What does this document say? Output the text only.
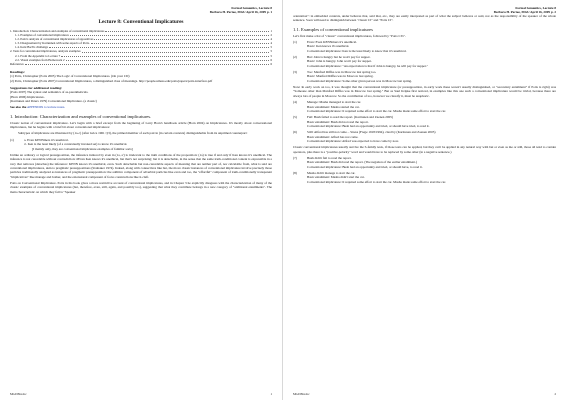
Formal Semantics, Lecture 8
Barbara H. Partee, MGU April 16, 2009 p. 1
Lecture 8: Conventional Implicatures
1. Introduction: Characterization and examples of conventional implicatures	1
1.1. Examples of conventional implicatures	2
1.2. Potts's analysis of conventional implicatures of appositives	4
1.3. Disagreement by Kartunnen with some aspects of Potts.	4
1.4. Kent Bach's challenge	5
2. Tests for conventional implicatures, analysis examples	5
2.1. From the Appendix to Lecture 7	5
2.2. Visual examples from Homework 2	6
References	6
Readings:
(1) Potts, Christopher (Potts 2005) The Logic of Conventional Implicatures. (On your CD)
(2) Potts, Christopher (Potts 2007) Conventional Implicatures, a distinguished class of meanings. http://people.umass.edu/potts/papers/potts-interface.pdf
Suggestions for additional reading:
(Potts 2007) The syntax and semantics of as-parentheticals.
(Horn 2006) Implicatures.
(Karttunen and Peters 1979) Conventional Implicature. (a classic)
See also the APPENDIX to lecture notes.
1. Introduction: Characterization and examples of conventional implicatures.

Classic notion of conventional implicature. Let's begin with a brief excerpt from the beginning of Larry Horn's handbook article (Horn 2004) on Implicatures. It's mostly about conversational implicatures, but he begins with a brief bit about conventional implicatures:

Subtypes of implicature are illustrated by (1a-c) (after Grice 1961: §3), the primed member of each pair in (in certain contexts) distinguishable from its unprimed counterpart:

(1)	a. Even KENNmers it's unethical.
a'. Ken is the least likely (of a contextually invoked set) to know it's unethical.
[I mainly only, they are conventional implicature examples of familiar sorts]

Unlike an ordinary or logical presupposition, the inference induced by even in (1a, a') is irrelevant to the truth conditions of the proposition: (1a) is true if and only if Ken knows it's unethical. The inference is not cancelable without contradiction: #Even Ken knows it's unethical, but that's not surprising; but it is detachable, in the sense that the same truth-conditional content is expressible in a very that removes (detaches) the inference: KENN knows it's unethical, even. Such detachable but non-cancelable aspects of meaning that are neither part of, nor calculable from, what is said are conventional implicatures, akin to pragmatic presuppositions (Stalnaker 1974). Indeed, along with connectives like but, the move classic instances of conventional implicature involve precisely those particles traditionally analyzed as instances of pragmatic presupposition: the additive component of adverbial particles like even and too, the "effortful" component of truth-conditionally transparent "implicatives" like manage and bother, and the extensional component of focus constructions like it-cleft.

Potts on Conventional Implicature. Potts in his book gives a more restrictive account of conventional implicatures, and in Chapter 3 he explicitly disagrees with the characterization of many of the classic examples of conventional implicatures (but, therefore, even, still, again, and possibly too), suggesting that what they contribute belongs in a new category of "additional entailments". The main characteristic on which they fail is "Speaker

MGU094.doc	1
Formal Semantics, Lecture 8
Barbara H. Partee, MGU April 16, 2009 p. 2

orientation": in embedded contexts, under believes that, said that, etc., they are easily interpreted as part of what the subject believes or said, not as the responsibility of the speaker of the whole sentence. Soon will need to distinguish between "classic CI" and "Potts CI".

1.1. Examples of conventional implicatures

Let's first make a list of "classic" conventional implicatures, followed by "Potts CI's".

(1)	Even: Even KENNmers it's unethical.
Basic: Ken knows it's unethical.
Conventional implicature: Ken is the least likely to know that it's unethical.
(2)	But: John is hungry but he won't pay for supper.
Basic: John is hungry. John won't pay for supper.
Conventional implicature: "An expectation is that if John is hungry, he will pay for supper."
(3)	Too: Manfred Riffka was in Moscow last spring too.
Basic: Manfred Riffka was in Moscow last spring.
Conventional implicature: Some other given person was in Moscow last spring.

Note: In early work on too, it was thought that the conventional implicature (or presupposition, in early work these weren't usually distinguished, or "secondary entailment" if Potts is right) was "Someone other than Manfred Riffka was in Moscow last spring." But as Saul Kripke first noticed, in examples like this one such a conventional implicature would be trivial, because there are always lots of people in Moscow. So the contribution of too, however we classify it, must be anaphoric.

(4)	Manage: Masha managed to start the car.
Basic entailment: Masha started the car.
Conventional implicature: It required some effort to start the car. Masha made some effort to start the car.
(5)	Fail: Bush failed to read the report. (Karttunen and Zaenen 2005)
Basic entailment: Bush did not read the report.
Conventional implicature: Bush had an opportunity and tried, or should have tried, to read it.
(6)	Still: Alfred has still not come. - Stress (Frege 1918/1994), cited by (Karttunen and Zaenen 2005)
Basic entailment: Alfred has not come.
Conventional implicature: Alfred was expected to have come by now.

Classic conventional implicatures usually survive the S-family tests, if those tests can be applied, but they can't be applied in any natural way with but or even as me or still, those all tend to contain operators, plus there is a "positive-polarity" word and would have to be replaced by some other (in a negative sentence.)

(7)	Bush didn't fail to read the report.
Basic entailment: Bush did read the report. (The negation of the earlier entailment.)
Conventional implicature: Bush had an opportunity and tried, or should have, to read it.
(8)	Masha didn't manage to start the car.
Basic entailment: Masha didn't start the car.
Conventional implicature: It required some effort to start the car. Masha made some effort to start the car.
MGU094.doc	2
